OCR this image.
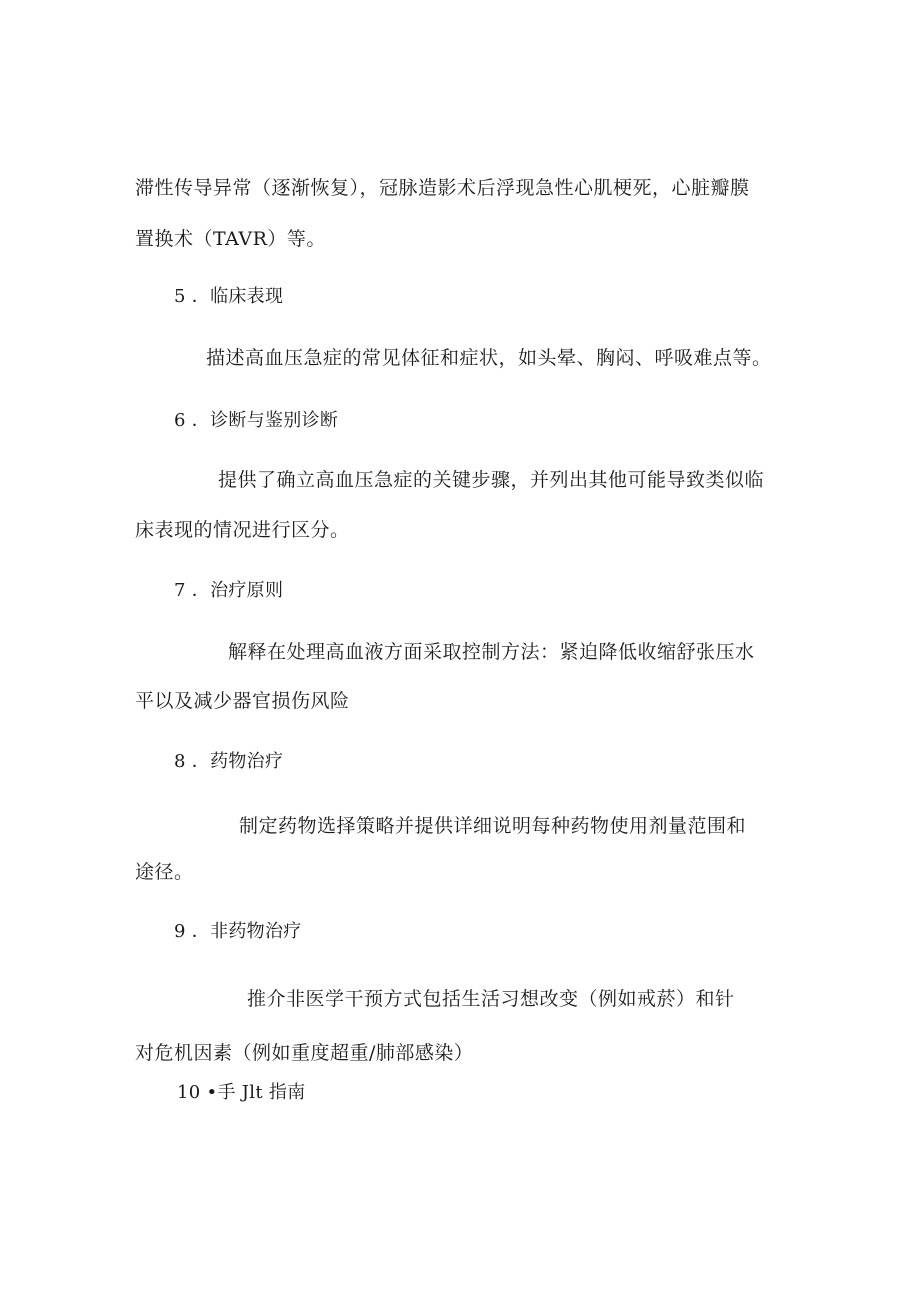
滞性传导异常（逐渐恢复），冠脉造影术后浮现急性心肌梗死，心脏瓣膜
置换术（TAVR）等。
5 ．临床表现
描述高血压急症的常见体征和症状，如头晕、胸闷、呼吸难点等。
6 ．诊断与鉴别诊断
提供了确立高血压急症的关键步骤，并列出其他可能导致类似临
床表现的情况进行区分。
7 ．治疗原则
解释在处理高血液方面采取控制方法：紧迫降低收缩舒张压水
平以及减少器官损伤风险
8 ．药物治疗
制定药物选择策略并提供详细说明每种药物使用剂量范围和
途径。
9 ．非药物治疗
推介非医学干预方式包括生活习想改变（例如戒菸）和针
对危机因素（例如重度超重/肺部感染）
10 •手 Jlt 指南
